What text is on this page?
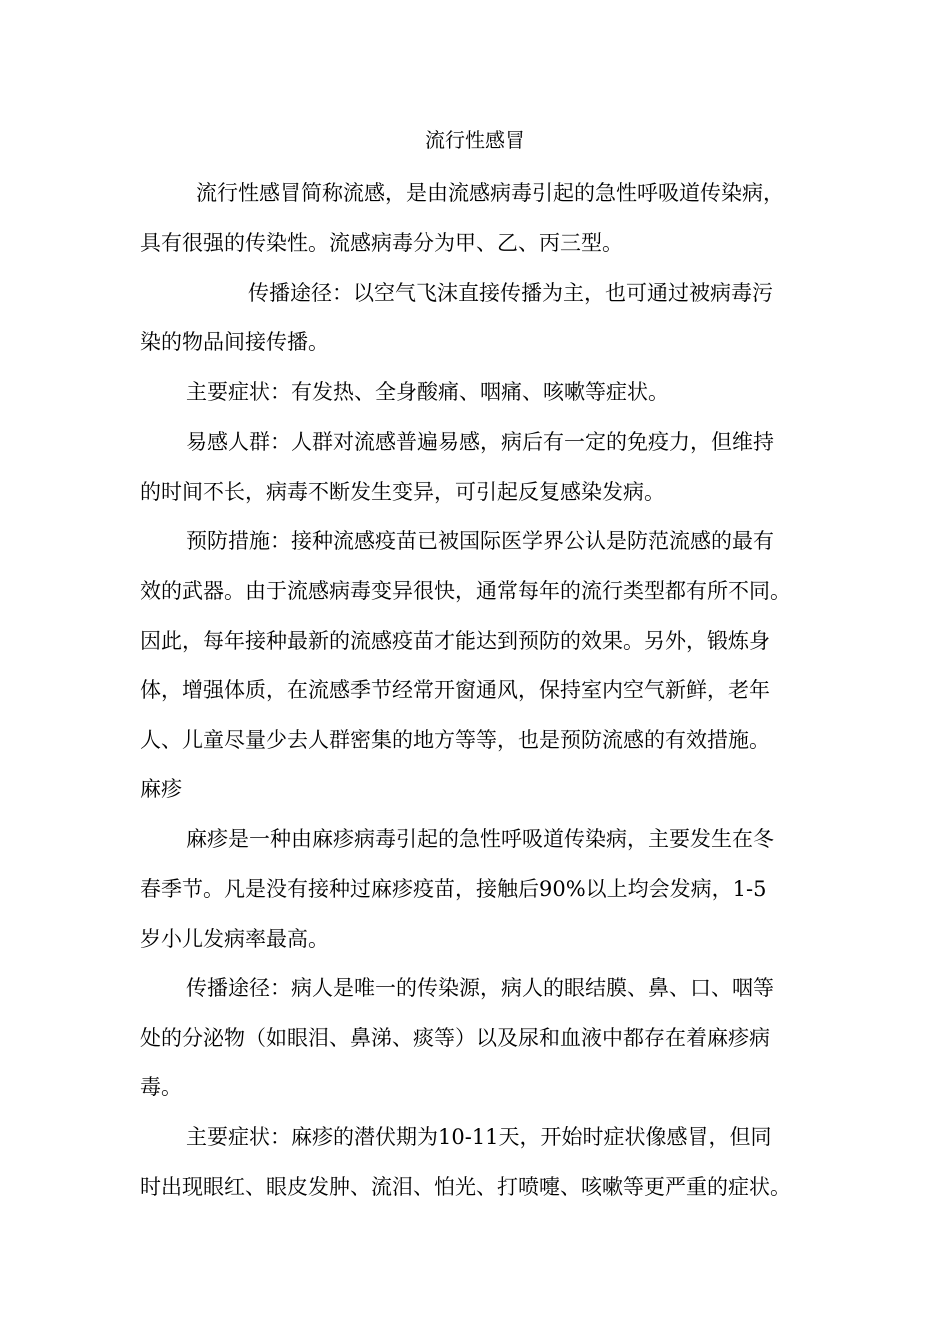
流行性感冒
流行性感冒简称流感，是由流感病毒引起的急性呼吸道传染病，
具有很强的传染性。流感病毒分为甲、乙、丙三型。
传播途径：以空气飞沫直接传播为主，也可通过被病毒污
染的物品间接传播。
主要症状：有发热、全身酸痛、咽痛、咳嗽等症状。
易感人群：人群对流感普遍易感，病后有一定的免疫力，但维持
的时间不长，病毒不断发生变异，可引起反复感染发病。
预防措施：接种流感疫苗已被国际医学界公认是防范流感的最有
效的武器。由于流感病毒变异很快，通常每年的流行类型都有所不同。
因此，每年接种最新的流感疫苗才能达到预防的效果。另外，锻炼身
体，增强体质，在流感季节经常开窗通风，保持室内空气新鲜，老年
人、儿童尽量少去人群密集的地方等等，也是预防流感的有效措施。
麻疹
麻疹是一种由麻疹病毒引起的急性呼吸道传染病，主要发生在冬
春季节。凡是没有接种过麻疹疫苗，接触后90%以上均会发病，1-5
岁小儿发病率最高。
传播途径：病人是唯一的传染源，病人的眼结膜、鼻、口、咽等
处的分泌物（如眼泪、鼻涕、痰等）以及尿和血液中都存在着麻疹病
毒。
主要症状：麻疹的潜伏期为10-11天，开始时症状像感冒，但同
时出现眼红、眼皮发肿、流泪、怕光、打喷嚏、咳嗽等更严重的症状。
